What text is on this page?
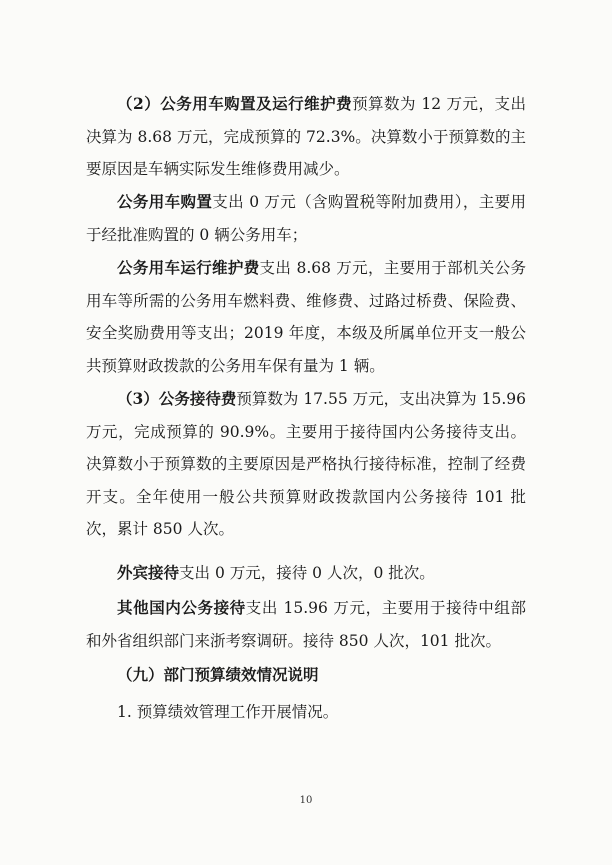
（2）公务用车购置及运行维护费预算数为 12 万元，支出决算为 8.68 万元，完成预算的 72.3%。决算数小于预算数的主要原因是车辆实际发生维修费用减少。

公务用车购置支出 0 万元（含购置税等附加费用），主要用于经批准购置的 0 辆公务用车；

公务用车运行维护费支出 8.68 万元，主要用于部机关公务用车等所需的公务用车燃料费、维修费、过路过桥费、保险费、安全奖励费用等支出；2019 年度，本级及所属单位开支一般公共预算财政拨款的公务用车保有量为 1 辆。

（3）公务接待费预算数为 17.55 万元，支出决算为 15.96 万元，完成预算的 90.9%。主要用于接待国内公务接待支出。决算数小于预算数的主要原因是严格执行接待标准，控制了经费开支。全年使用一般公共预算财政拨款国内公务接待 101 批次，累计 850 人次。

外宾接待支出 0 万元，接待 0 人次，0 批次。

其他国内公务接待支出 15.96 万元，主要用于接待中组部和外省组织部门来浙考察调研。接待 850 人次，101 批次。

（九）部门预算绩效情况说明

1. 预算绩效管理工作开展情况。

10
